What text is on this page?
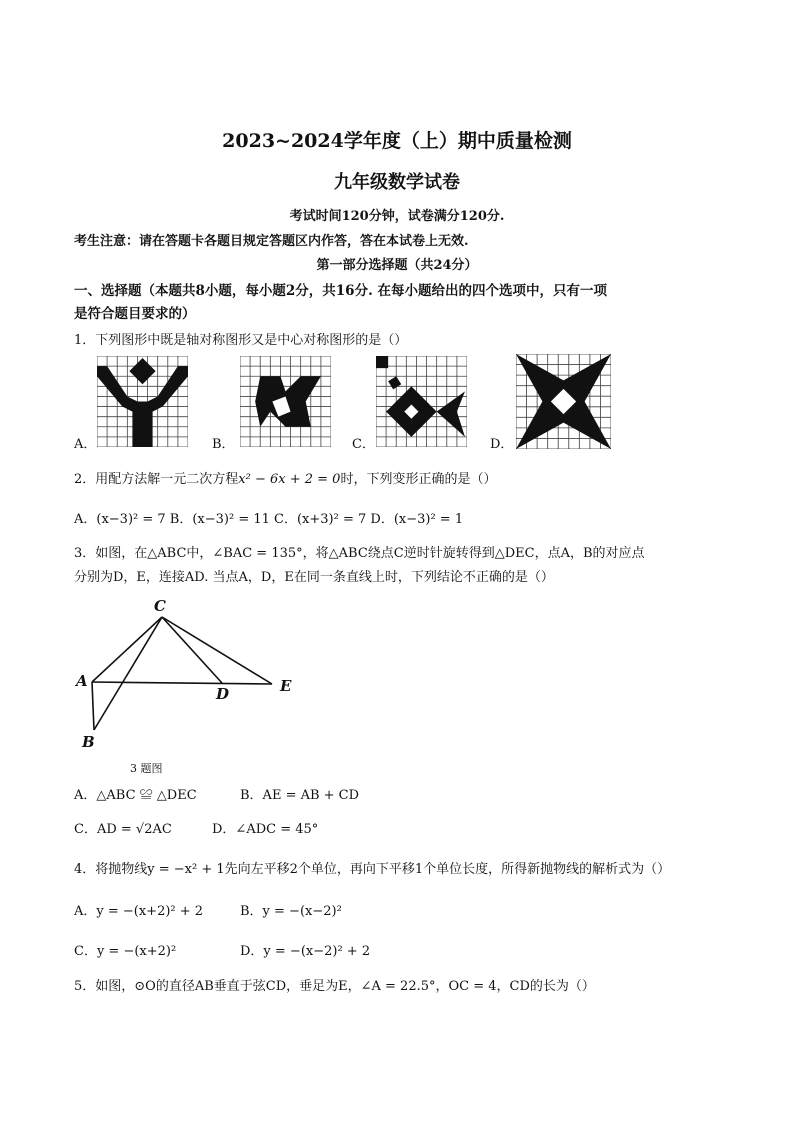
2023~2024学年度（上）期中质量检测
九年级数学试卷
考试时间120分钟，试卷满分120分.
考生注意：请在答题卡各题目规定答题区内作答，答在本试卷上无效.
第一部分选择题（共24分）
一、选择题（本题共8小题，每小题2分，共16分. 在每小题给出的四个选项中，只有一项
是符合题目要求的）
1．下列图形中既是轴对称图形又是中心对称图形的是（）
A．	B．	C．	D．
2．用配方法解一元二次方程x² − 6x + 2 = 0时，下列变形正确的是（）
A．(x−3)² = 7 B．(x−3)² = 11 C．(x+3)² = 7 D．(x−3)² = 1
3．如图，在△ABC中，∠BAC = 135°，将△ABC绕点C逆时针旋转得到△DEC，点A，B的对应点
分别为D，E，连接AD. 当点A，D，E在同一条直线上时，下列结论不正确的是（）
C
A
D	E
B
3 题图
A．△ABC ≌ △DEC	B．AE = AB + CD
C．AD = √2AC	D．∠ADC = 45°
4．将抛物线y = −x² + 1先向左平移2个单位，再向下平移1个单位长度，所得新抛物线的解析式为（）
A．y = −(x+2)² + 2	B．y = −(x−2)²
C．y = −(x+2)²	D．y = −(x−2)² + 2
5．如图，⊙O的直径AB垂直于弦CD，垂足为E，∠A = 22.5°，OC = 4，CD的长为（）
